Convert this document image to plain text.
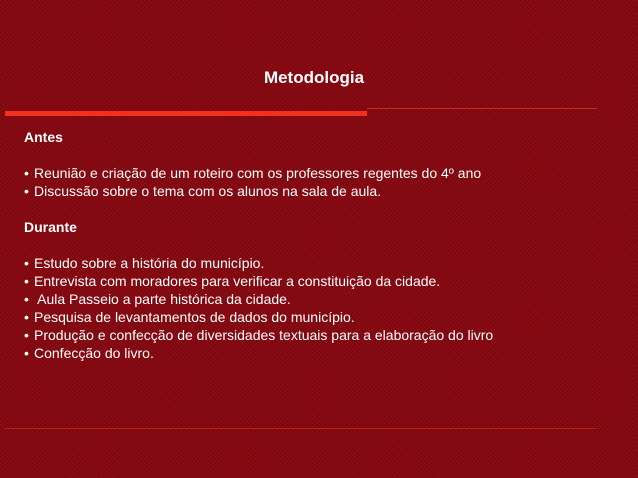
Metodologia
Antes
• Reunião e criação de um roteiro com os professores regentes do 4º ano
• Discussão sobre o tema com os alunos na sala de aula.
Durante
• Estudo sobre a história do município.
• Entrevista com moradores para verificar a constituição da cidade.
• Aula Passeio a parte histórica da cidade.
• Pesquisa de levantamentos de dados do município.
• Produção e confecção de diversidades textuais para a elaboração do livro
• Confecção do livro.
